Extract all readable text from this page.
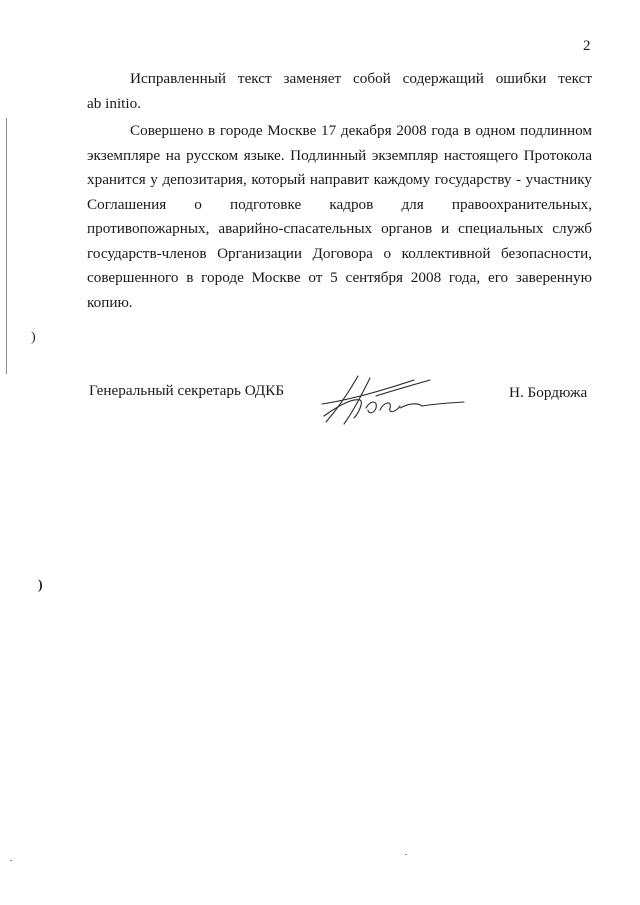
2

Исправленный текст заменяет собой содержащий ошибки текст
ab initio.

Совершено в городе Москве 17 декабря 2008 года в одном подлинном
экземпляре на русском языке. Подлинный экземпляр настоящего Протокола
хранится у депозитария, который направит каждому государству - участнику
Соглашения о подготовке кадров для правоохранительных,
противопожарных, аварийно-спасательных органов и специальных служб
государств-членов Организации Договора о коллективной безопасности,
совершенного в городе Москве от 5 сентября 2008 года, его заверенную
копию.

)
Генеральный секретарь ОДКБ	Н. Бордюжа
)
